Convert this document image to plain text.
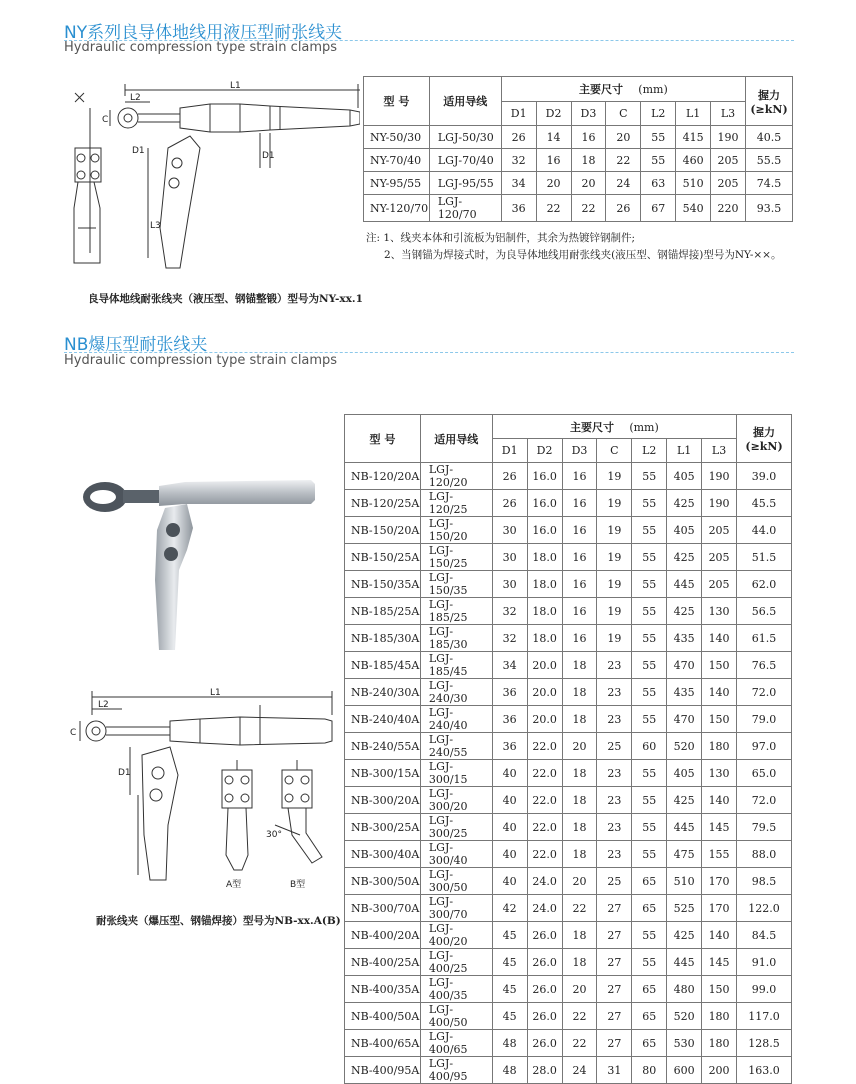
NY系列良导体地线用液压型耐张线夹
Hydraulic compression type strain clamps
L1
L2
C
D1	D1
L3
良导体地线耐张线夹（液压型、钢锚整锻）型号为NY-xx.1
型 号	适用导线	主要尺寸 (mm)							握力
(≥kN)
		D1	D2	D3	C	L2	L1	L3	
NY-50/30	LGJ-50/30	26	14	16	20	55	415	190	40.5
NY-70/40	LGJ-70/40	32	16	18	22	55	460	205	55.5
NY-95/55	LGJ-95/55	34	20	20	24	63	510	205	74.5
NY-120/70	LGJ-120/70	36	22	22	26	67	540	220	93.5
注: 1、线夹本体和引流板为铝制件，其余为热镀锌钢制件;
2、当钢锚为焊接式时，为良导体地线用耐张线夹(液压型、钢锚焊接)型号为NY-××。
NB爆压型耐张线夹
Hydraulic compression type strain clamps
L1
L2
C
D1
A型	B型
30°
耐张线夹（爆压型、钢锚焊接）型号为NB-xx.A(B)
型 号	适用导线	主要尺寸 (mm)							握力
(≥kN)
		D1	D2	D3	C	L2	L1	L3	
NB-120/20A	LGJ-120/20	26	16.0	16	19	55	405	190	39.0
NB-120/25A	LGJ-120/25	26	16.0	16	19	55	425	190	45.5
NB-150/20A	LGJ-150/20	30	16.0	16	19	55	405	205	44.0
NB-150/25A	LGJ-150/25	30	18.0	16	19	55	425	205	51.5
NB-150/35A	LGJ-150/35	30	18.0	16	19	55	445	205	62.0
NB-185/25A	LGJ-185/25	32	18.0	16	19	55	425	130	56.5
NB-185/30A	LGJ-185/30	32	18.0	16	19	55	435	140	61.5
NB-185/45A	LGJ-185/45	34	20.0	18	23	55	470	150	76.5
NB-240/30A	LGJ-240/30	36	20.0	18	23	55	435	140	72.0
NB-240/40A	LGJ-240/40	36	20.0	18	23	55	470	150	79.0
NB-240/55A	LGJ-240/55	36	22.0	20	25	60	520	180	97.0
NB-300/15A	LGJ-300/15	40	22.0	18	23	55	405	130	65.0
NB-300/20A	LGJ-300/20	40	22.0	18	23	55	425	140	72.0
NB-300/25A	LGJ-300/25	40	22.0	18	23	55	445	145	79.5
NB-300/40A	LGJ-300/40	40	22.0	18	23	55	475	155	88.0
NB-300/50A	LGJ-300/50	40	24.0	20	25	65	510	170	98.5
NB-300/70A	LGJ-300/70	42	24.0	22	27	65	525	170	122.0
NB-400/20A	LGJ-400/20	45	26.0	18	27	55	425	140	84.5
NB-400/25A	LGJ-400/25	45	26.0	18	27	55	445	145	91.0
NB-400/35A	LGJ-400/35	45	26.0	20	27	65	480	150	99.0
NB-400/50A	LGJ-400/50	45	26.0	22	27	65	520	180	117.0
NB-400/65A	LGJ-400/65	48	26.0	22	27	65	530	180	128.5
NB-400/95A	LGJ-400/95	48	28.0	24	31	80	600	200	163.0
